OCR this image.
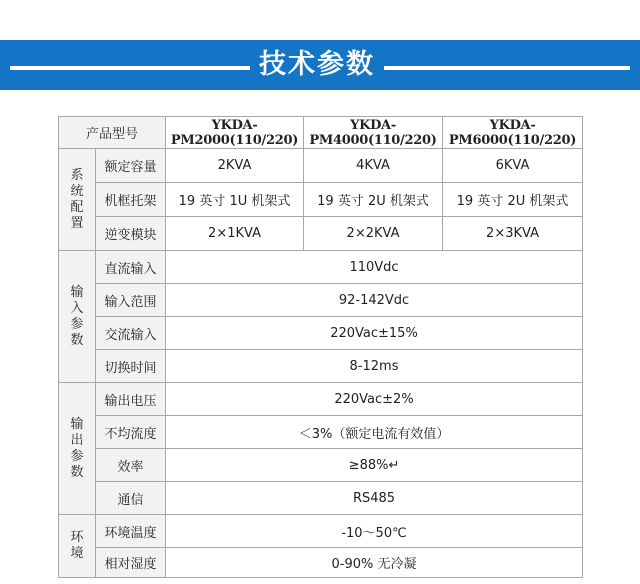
技术参数
产品型号		YKDA-PM2000(110/220)	YKDA-PM4000(110/220)	YKDA-PM6000(110/220)
系统配置	额定容量	2KVA	4KVA	6KVA
	机框托架	19 英寸 1U 机架式	19 英寸 2U 机架式	19 英寸 2U 机架式
	逆变模块	2×1KVA	2×2KVA	2×3KVA
输入参数	直流输入	110Vdc		
	输入范围	92-142Vdc		
	交流输入	220Vac±15%		
	切换时间	8-12ms		
输出参数	输出电压	220Vac±2%		
	不均流度	＜3%（额定电流有效值）		
	效率	≥88%↵		
	通信	RS485		
环境	环境温度	-10～50℃		
	相对湿度	0-90% 无冷凝		
